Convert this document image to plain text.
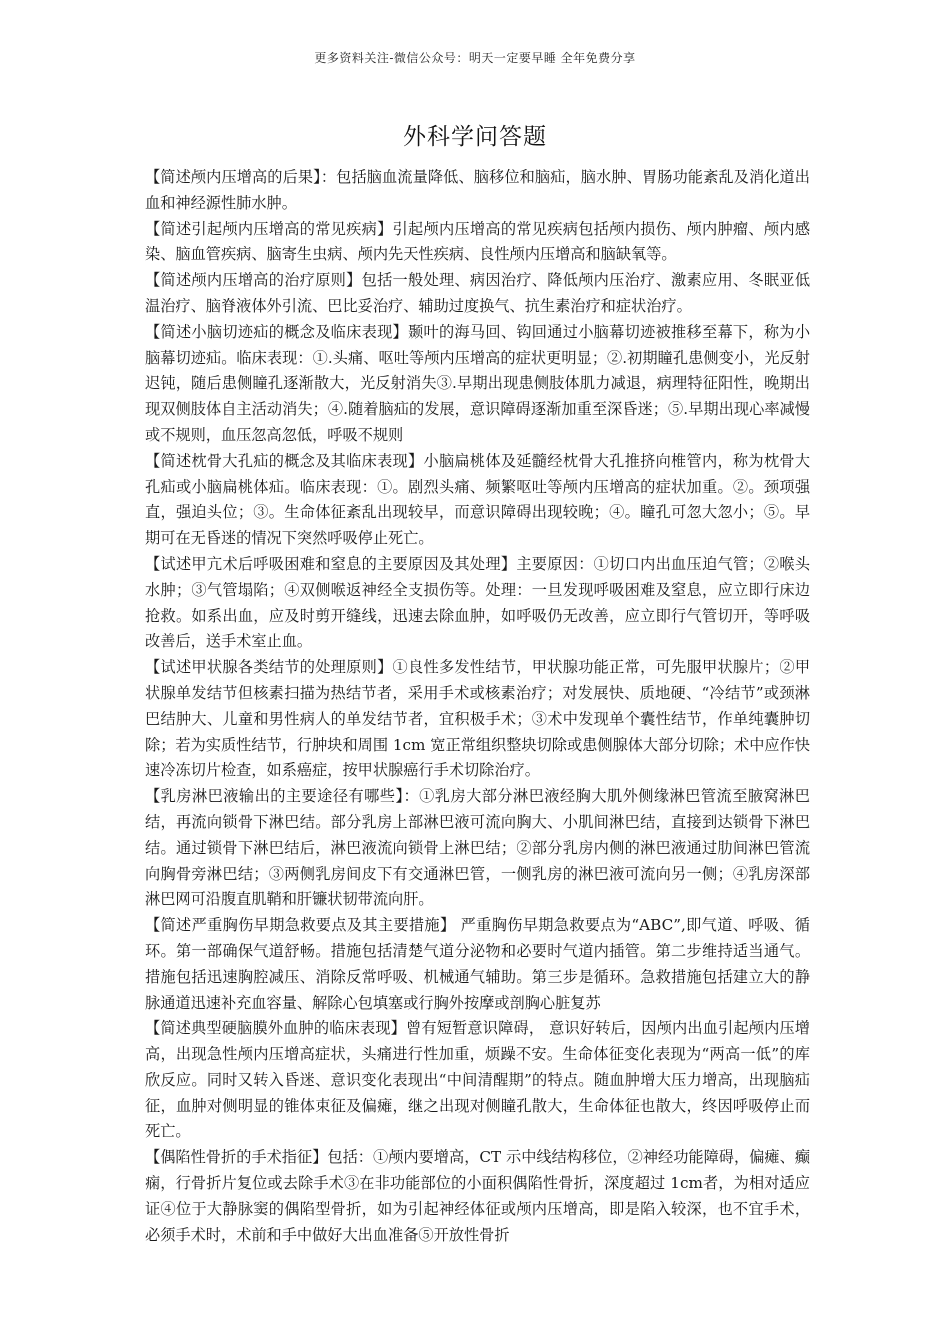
更多资料关注-微信公众号：明天一定要早睡 全年免费分享
外科学问答题

【简述颅内压增高的后果】：包括脑血流量降低、脑移位和脑疝，脑水肿、胃肠功能紊乱及消化道出血和神经源性肺水肿。

【简述引起颅内压增高的常见疾病】引起颅内压增高的常见疾病包括颅内损伤、颅内肿瘤、颅内感染、脑血管疾病、脑寄生虫病、颅内先天性疾病、良性颅内压增高和脑缺氧等。

【简述颅内压增高的治疗原则】包括一般处理、病因治疗、降低颅内压治疗、激素应用、冬眠亚低温治疗、脑脊液体外引流、巴比妥治疗、辅助过度换气、抗生素治疗和症状治疗。

【简述小脑切迹疝的概念及临床表现】颞叶的海马回、钩回通过小脑幕切迹被推移至幕下，称为小脑幕切迹疝。临床表现：①.头痛、呕吐等颅内压增高的症状更明显；②.初期瞳孔患侧变小，光反射迟钝，随后患侧瞳孔逐渐散大，光反射消失③.早期出现患侧肢体肌力减退，病理特征阳性，晚期出现双侧肢体自主活动消失；④.随着脑疝的发展，意识障碍逐渐加重至深昏迷；⑤.早期出现心率减慢或不规则，血压忽高忽低，呼吸不规则

【简述枕骨大孔疝的概念及其临床表现】小脑扁桃体及延髓经枕骨大孔推挤向椎管内，称为枕骨大孔疝或小脑扁桃体疝。临床表现：①。剧烈头痛、频繁呕吐等颅内压增高的症状加重。②。颈项强直，强迫头位；③。生命体征紊乱出现较早，而意识障碍出现较晚；④。瞳孔可忽大忽小；⑤。早期可在无昏迷的情况下突然呼吸停止死亡。

【试述甲亢术后呼吸困难和窒息的主要原因及其处理】主要原因：①切口内出血压迫气管；②喉头水肿；③气管塌陷；④双侧喉返神经全支损伤等。处理：一旦发现呼吸困难及窒息，应立即行床边抢救。如系出血，应及时剪开缝线，迅速去除血肿，如呼吸仍无改善，应立即行气管切开，等呼吸改善后，送手术室止血。

【试述甲状腺各类结节的处理原则】①良性多发性结节，甲状腺功能正常，可先服甲状腺片；②甲状腺单发结节但核素扫描为热结节者，采用手术或核素治疗；对发展快、质地硬、“冷结节”或颈淋巴结肿大、儿童和男性病人的单发结节者，宜积极手术；③术中发现单个囊性结节，作单纯囊肿切除；若为实质性结节，行肿块和周围 1cm 宽正常组织整块切除或患侧腺体大部分切除；术中应作快速冷冻切片检查，如系癌症，按甲状腺癌行手术切除治疗。

【乳房淋巴液输出的主要途径有哪些】：①乳房大部分淋巴液经胸大肌外侧缘淋巴管流至腋窝淋巴结，再流向锁骨下淋巴结。部分乳房上部淋巴液可流向胸大、小肌间淋巴结，直接到达锁骨下淋巴结。通过锁骨下淋巴结后，淋巴液流向锁骨上淋巴结；②部分乳房内侧的淋巴液通过肋间淋巴管流向胸骨旁淋巴结；③两侧乳房间皮下有交通淋巴管，一侧乳房的淋巴液可流向另一侧；④乳房深部淋巴网可沿腹直肌鞘和肝镰状韧带流向肝。

【简述严重胸伤早期急救要点及其主要措施】 严重胸伤早期急救要点为“ABC”,即气道、呼吸、循环。第一部确保气道舒畅。措施包括清楚气道分泌物和必要时气道内插管。第二步维持适当通气。措施包括迅速胸腔减压、消除反常呼吸、机械通气辅助。第三步是循环。急救措施包括建立大的静脉通道迅速补充血容量、解除心包填塞或行胸外按摩或剖胸心脏复苏

【简述典型硬脑膜外血肿的临床表现】曾有短暂意识障碍， 意识好转后，因颅内出血引起颅内压增高，出现急性颅内压增高症状，头痛进行性加重，烦躁不安。生命体征变化表现为“两高一低”的库欣反应。同时又转入昏迷、意识变化表现出“中间清醒期”的特点。随血肿增大压力增高，出现脑疝征，血肿对侧明显的锥体束征及偏瘫，继之出现对侧瞳孔散大，生命体征也散大，终因呼吸停止而死亡。

【偶陷性骨折的手术指征】包括：①颅内要增高，CT 示中线结构移位，②神经功能障碍，偏瘫、癫痫，行骨折片复位或去除手术③在非功能部位的小面积偶陷性骨折，深度超过 1cm者，为相对适应证④位于大静脉窦的偶陷型骨折，如为引起神经体征或颅内压增高，即是陷入较深，也不宜手术，必须手术时，术前和手中做好大出血准备⑤开放性骨折
